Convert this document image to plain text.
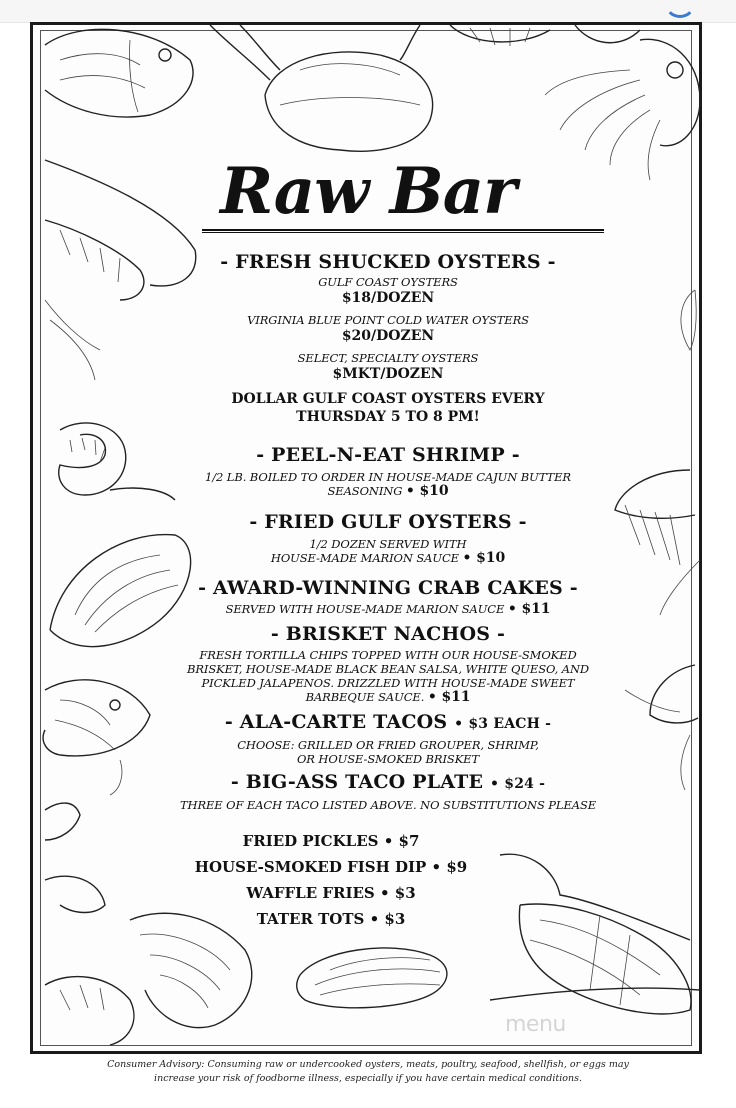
Raw Bar
- FRESH SHUCKED OYSTERS -
GULF COAST OYSTERS
$18/DOZEN
VIRGINIA BLUE POINT COLD WATER OYSTERS
$20/DOZEN
SELECT, SPECIALTY OYSTERS
$MKT/DOZEN
DOLLAR GULF COAST OYSTERS EVERY
THURSDAY 5 TO 8 PM!
- PEEL-N-EAT SHRIMP -
1/2 LB. BOILED TO ORDER IN HOUSE-MADE CAJUN BUTTER
SEASONING • $10
- FRIED GULF OYSTERS -
1/2 DOZEN SERVED WITH
HOUSE-MADE MARION SAUCE • $10
- AWARD-WINNING CRAB CAKES -
SERVED WITH HOUSE-MADE MARION SAUCE • $11
- BRISKET NACHOS -
FRESH TORTILLA CHIPS TOPPED WITH OUR HOUSE-SMOKED
BRISKET, HOUSE-MADE BLACK BEAN SALSA, WHITE QUESO, AND
PICKLED JALAPENOS. DRIZZLED WITH HOUSE-MADE SWEET
BARBEQUE SAUCE. • $11
- ALA-CARTE TACOS • $3 EACH -
CHOOSE: GRILLED OR FRIED GROUPER, SHRIMP,
OR HOUSE-SMOKED BRISKET
- BIG-ASS TACO PLATE • $24 -
THREE OF EACH TACO LISTED ABOVE. NO SUBSTITUTIONS PLEASE
FRIED PICKLES • $7
HOUSE-SMOKED FISH DIP • $9
WAFFLE FRIES • $3
TATER TOTS • $3
menu
Consumer Advisory: Consuming raw or undercooked oysters, meats, poultry, seafood, shellfish, or eggs may
increase your risk of foodborne illness, especially if you have certain medical conditions.
